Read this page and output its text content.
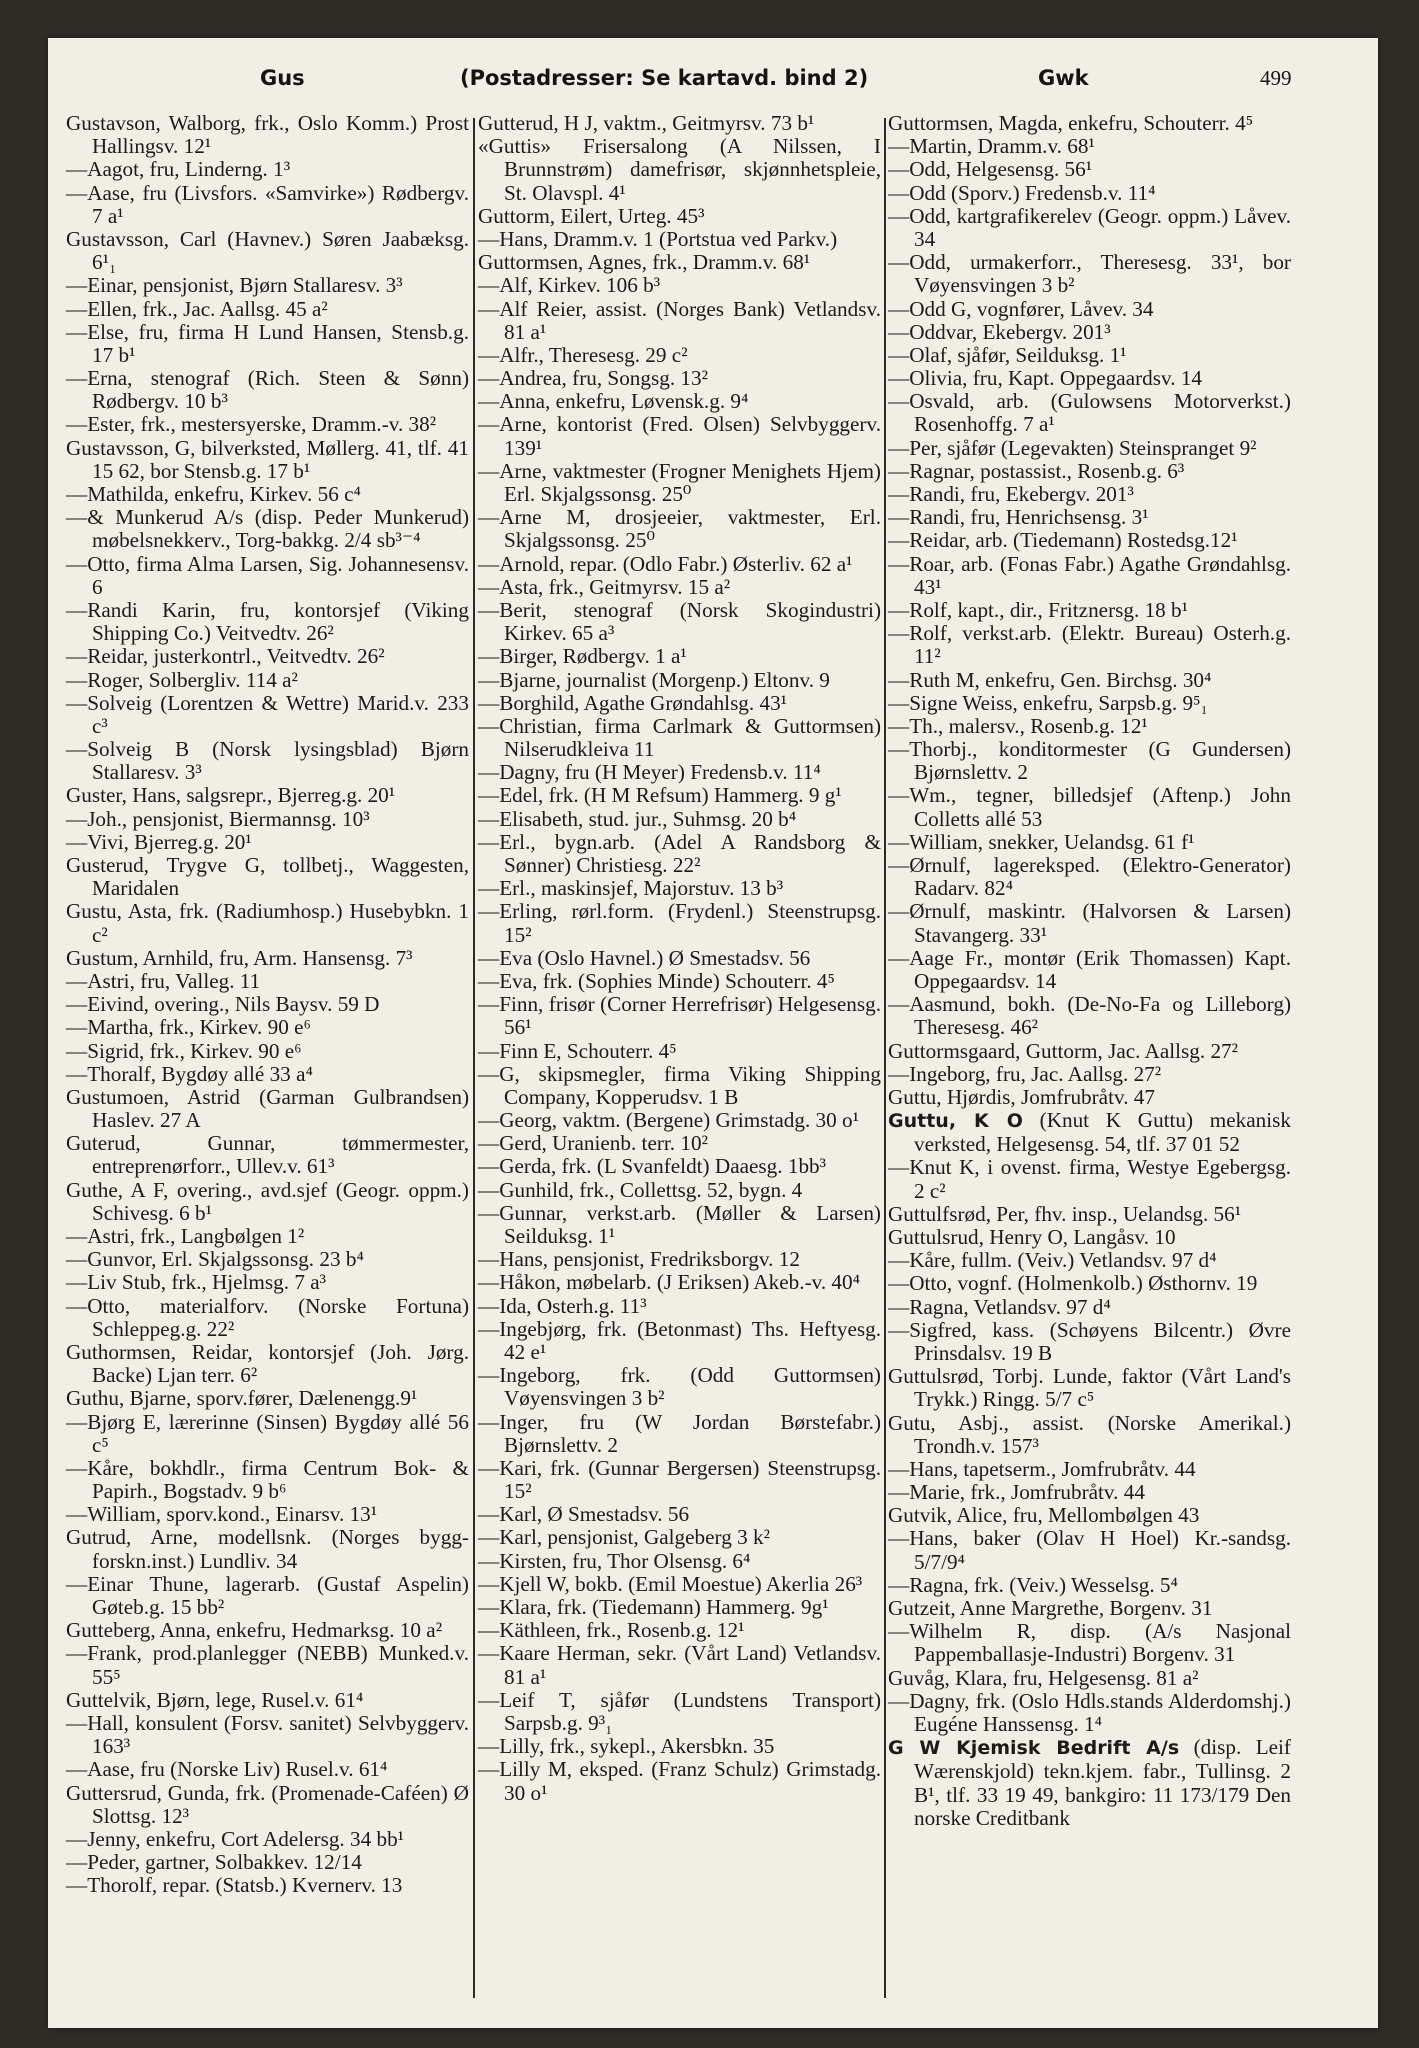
Gus	(Postadresser: Se kartavd. bind 2)	Gwk	499

Gustavson, Walborg, frk., Oslo Komm.) Prost Hallingsv. 12¹

—Aagot, fru, Linderng. 1³

—Aase, fru (Livsfors. «Samvirke») Rødbergv. 7 a¹

Gustavsson, Carl (Havnev.) Søren Jaabæksg. 6¹₁

—Einar, pensjonist, Bjørn Stallaresv. 3³

—Ellen, frk., Jac. Aallsg. 45 a²

—Else, fru, firma H Lund Hansen, Stensb.g. 17 b¹

—Erna, stenograf (Rich. Steen & Sønn) Rødbergv. 10 b³

—Ester, frk., mestersyerske, Dramm.-v. 38²

Gustavsson, G, bilverksted, Møllerg. 41, tlf. 41 15 62, bor Stensb.g. 17 b¹

—Mathilda, enkefru, Kirkev. 56 c⁴

—& Munkerud A/s (disp. Peder Munkerud) møbelsnekkerv., Torg-bakkg. 2/4 sb³⁻⁴

—Otto, firma Alma Larsen, Sig. Johannesensv. 6

—Randi Karin, fru, kontorsjef (Viking Shipping Co.) Veitvedtv. 26²

—Reidar, justerkontrl., Veitvedtv. 26²

—Roger, Solbergliv. 114 a²

—Solveig (Lorentzen & Wettre) Marid.v. 233 c³

—Solveig B (Norsk lysingsblad) Bjørn Stallaresv. 3³

Guster, Hans, salgsrepr., Bjerreg.g. 20¹

—Joh., pensjonist, Biermannsg. 10³

—Vivi, Bjerreg.g. 20¹

Gusterud, Trygve G, tollbetj., Waggesten, Maridalen

Gustu, Asta, frk. (Radiumhosp.) Husebybkn. 1 c²

Gustum, Arnhild, fru, Arm. Hansensg. 7³

—Astri, fru, Valleg. 11

—Eivind, overing., Nils Baysv. 59 D

—Martha, frk., Kirkev. 90 e⁶

—Sigrid, frk., Kirkev. 90 e⁶

—Thoralf, Bygdøy allé 33 a⁴

Gustumoen, Astrid (Garman Gulbrandsen) Haslev. 27 A

Guterud, Gunnar, tømmermester, entreprenørforr., Ullev.v. 61³

Guthe, A F, overing., avd.sjef (Geogr. oppm.) Schivesg. 6 b¹

—Astri, frk., Langbølgen 1²

—Gunvor, Erl. Skjalgssonsg. 23 b⁴

—Liv Stub, frk., Hjelmsg. 7 a³

—Otto, materialforv. (Norske Fortuna) Schleppeg.g. 22²

Guthormsen, Reidar, kontorsjef (Joh. Jørg. Backe) Ljan terr. 6²

Guthu, Bjarne, sporv.fører, Dælenengg.9¹

—Bjørg E, lærerinne (Sinsen) Bygdøy allé 56 c⁵

—Kåre, bokhdlr., firma Centrum Bok- & Papirh., Bogstadv. 9 b⁶

—William, sporv.kond., Einarsv. 13¹

Gutrud, Arne, modellsnk. (Norges bygg-forskn.inst.) Lundliv. 34

—Einar Thune, lagerarb. (Gustaf Aspelin) Gøteb.g. 15 bb²

Gutteberg, Anna, enkefru, Hedmarksg. 10 a²

—Frank, prod.planlegger (NEBB) Munked.v. 55⁵

Guttelvik, Bjørn, lege, Rusel.v. 61⁴

—Hall, konsulent (Forsv. sanitet) Selvbyggerv. 163³

—Aase, fru (Norske Liv) Rusel.v. 61⁴

Guttersrud, Gunda, frk. (Promenade-Caféen) Ø Slottsg. 12³

—Jenny, enkefru, Cort Adelersg. 34 bb¹

—Peder, gartner, Solbakkev. 12/14

—Thorolf, repar. (Statsb.) Kvernerv. 13

Gutterud, H J, vaktm., Geitmyrsv. 73 b¹

«Guttis» Frisersalong (A Nilssen, I Brunnstrøm) damefrisør, skjønnhetspleie, St. Olavspl. 4¹

Guttorm, Eilert, Urteg. 45³

—Hans, Dramm.v. 1 (Portstua ved Parkv.)

Guttormsen, Agnes, frk., Dramm.v. 68¹

—Alf, Kirkev. 106 b³

—Alf Reier, assist. (Norges Bank) Vetlandsv. 81 a¹

—Alfr., Theresesg. 29 c²

—Andrea, fru, Songsg. 13²

—Anna, enkefru, Løvensk.g. 9⁴

—Arne, kontorist (Fred. Olsen) Selvbyggerv. 139¹

—Arne, vaktmester (Frogner Menighets Hjem) Erl. Skjalgssonsg. 25⁰

—Arne M, drosjeeier, vaktmester, Erl. Skjalgssonsg. 25⁰

—Arnold, repar. (Odlo Fabr.) Østerliv. 62 a¹

—Asta, frk., Geitmyrsv. 15 a²

—Berit, stenograf (Norsk Skogindustri) Kirkev. 65 a³

—Birger, Rødbergv. 1 a¹

—Bjarne, journalist (Morgenp.) Eltonv. 9

—Borghild, Agathe Grøndahlsg. 43¹

—Christian, firma Carlmark & Guttormsen) Nilserudkleiva 11

—Dagny, fru (H Meyer) Fredensb.v. 11⁴

—Edel, frk. (H M Refsum) Hammerg. 9 g¹

—Elisabeth, stud. jur., Suhmsg. 20 b⁴

—Erl., bygn.arb. (Adel A Randsborg & Sønner) Christiesg. 22²

—Erl., maskinsjef, Majorstuv. 13 b³

—Erling, rørl.form. (Frydenl.) Steenstrupsg. 15²

—Eva (Oslo Havnel.) Ø Smestadsv. 56

—Eva, frk. (Sophies Minde) Schouterr. 4⁵

—Finn, frisør (Corner Herrefrisør) Helgesensg. 56¹

—Finn E, Schouterr. 4⁵

—G, skipsmegler, firma Viking Shipping Company, Kopperudsv. 1 B

—Georg, vaktm. (Bergene) Grimstadg. 30 o¹

—Gerd, Uranienb. terr. 10²

—Gerda, frk. (L Svanfeldt) Daaesg. 1bb³

—Gunhild, frk., Collettsg. 52, bygn. 4

—Gunnar, verkst.arb. (Møller & Larsen) Seilduksg. 1¹

—Hans, pensjonist, Fredriksborgv. 12

—Håkon, møbelarb. (J Eriksen) Akeb.-v. 40⁴

—Ida, Osterh.g. 11³

—Ingebjørg, frk. (Betonmast) Ths. Heftyesg. 42 e¹

—Ingeborg, frk. (Odd Guttormsen) Vøyensvingen 3 b²

—Inger, fru (W Jordan Børstefabr.) Bjørnslettv. 2

—Kari, frk. (Gunnar Bergersen) Steenstrupsg. 15²

—Karl, Ø Smestadsv. 56

—Karl, pensjonist, Galgeberg 3 k²

—Kirsten, fru, Thor Olsensg. 6⁴

—Kjell W, bokb. (Emil Moestue) Akerlia 26³

—Klara, frk. (Tiedemann) Hammerg. 9g¹

—Käthleen, frk., Rosenb.g. 12¹

—Kaare Herman, sekr. (Vårt Land) Vetlandsv. 81 a¹

—Leif T, sjåfør (Lundstens Transport) Sarpsb.g. 9³₁

—Lilly, frk., sykepl., Akersbkn. 35

—Lilly M, eksped. (Franz Schulz) Grimstadg. 30 o¹

Guttormsen, Magda, enkefru, Schouterr. 4⁵

—Martin, Dramm.v. 68¹

—Odd, Helgesensg. 56¹

—Odd (Sporv.) Fredensb.v. 11⁴

—Odd, kartgrafikerelev (Geogr. oppm.) Låvev. 34

—Odd, urmakerforr., Theresesg. 33¹, bor Vøyensvingen 3 b²

—Odd G, vognfører, Låvev. 34

—Oddvar, Ekebergv. 201³

—Olaf, sjåfør, Seilduksg. 1¹

—Olivia, fru, Kapt. Oppegaardsv. 14

—Osvald, arb. (Gulowsens Motorverkst.) Rosenhoffg. 7 a¹

—Per, sjåfør (Legevakten) Steinspranget 9²

—Ragnar, postassist., Rosenb.g. 6³

—Randi, fru, Ekebergv. 201³

—Randi, fru, Henrichsensg. 3¹

—Reidar, arb. (Tiedemann) Rostedsg.12¹

—Roar, arb. (Fonas Fabr.) Agathe Grøndahlsg. 43¹

—Rolf, kapt., dir., Fritznersg. 18 b¹

—Rolf, verkst.arb. (Elektr. Bureau) Osterh.g. 11²

—Ruth M, enkefru, Gen. Birchsg. 30⁴

—Signe Weiss, enkefru, Sarpsb.g. 9⁵₁

—Th., malersv., Rosenb.g. 12¹

—Thorbj., konditormester (G Gundersen) Bjørnslettv. 2

—Wm., tegner, billedsjef (Aftenp.) John Colletts allé 53

—William, snekker, Uelandsg. 61 f¹

—Ørnulf, lagereksped. (Elektro-Generator) Radarv. 82⁴

—Ørnulf, maskintr. (Halvorsen & Larsen) Stavangerg. 33¹

—Aage Fr., montør (Erik Thomassen) Kapt. Oppegaardsv. 14

—Aasmund, bokh. (De-No-Fa og Lilleborg) Theresesg. 46²

Guttormsgaard, Guttorm, Jac. Aallsg. 27²

—Ingeborg, fru, Jac. Aallsg. 27²

Guttu, Hjørdis, Jomfrubråtv. 47

Guttu, K O (Knut K Guttu) mekanisk verksted, Helgesensg. 54, tlf. 37 01 52

—Knut K, i ovenst. firma, Westye Egebergsg. 2 c²

Guttulfsrød, Per, fhv. insp., Uelandsg. 56¹

Guttulsrud, Henry O, Langåsv. 10

—Kåre, fullm. (Veiv.) Vetlandsv. 97 d⁴

—Otto, vognf. (Holmenkolb.) Østhornv. 19

—Ragna, Vetlandsv. 97 d⁴

—Sigfred, kass. (Schøyens Bilcentr.) Øvre Prinsdalsv. 19 B

Guttulsrød, Torbj. Lunde, faktor (Vårt Land's Trykk.) Ringg. 5/7 c⁵

Gutu, Asbj., assist. (Norske Amerikal.) Trondh.v. 157³

—Hans, tapetserm., Jomfrubråtv. 44

—Marie, frk., Jomfrubråtv. 44

Gutvik, Alice, fru, Mellombølgen 43

—Hans, baker (Olav H Hoel) Kr.-sandsg. 5/7/9⁴

—Ragna, frk. (Veiv.) Wesselsg. 5⁴

Gutzeit, Anne Margrethe, Borgenv. 31

—Wilhelm R, disp. (A/s Nasjonal Pappemballasje-Industri) Borgenv. 31

Guvåg, Klara, fru, Helgesensg. 81 a²

—Dagny, frk. (Oslo Hdls.stands Alderdomshj.) Eugéne Hanssensg. 1⁴

G W Kjemisk Bedrift A/s (disp. Leif Wærenskjold) tekn.kjem. fabr., Tullinsg. 2 B¹, tlf. 33 19 49, bankgiro: 11 173/179 Den norske Creditbank
